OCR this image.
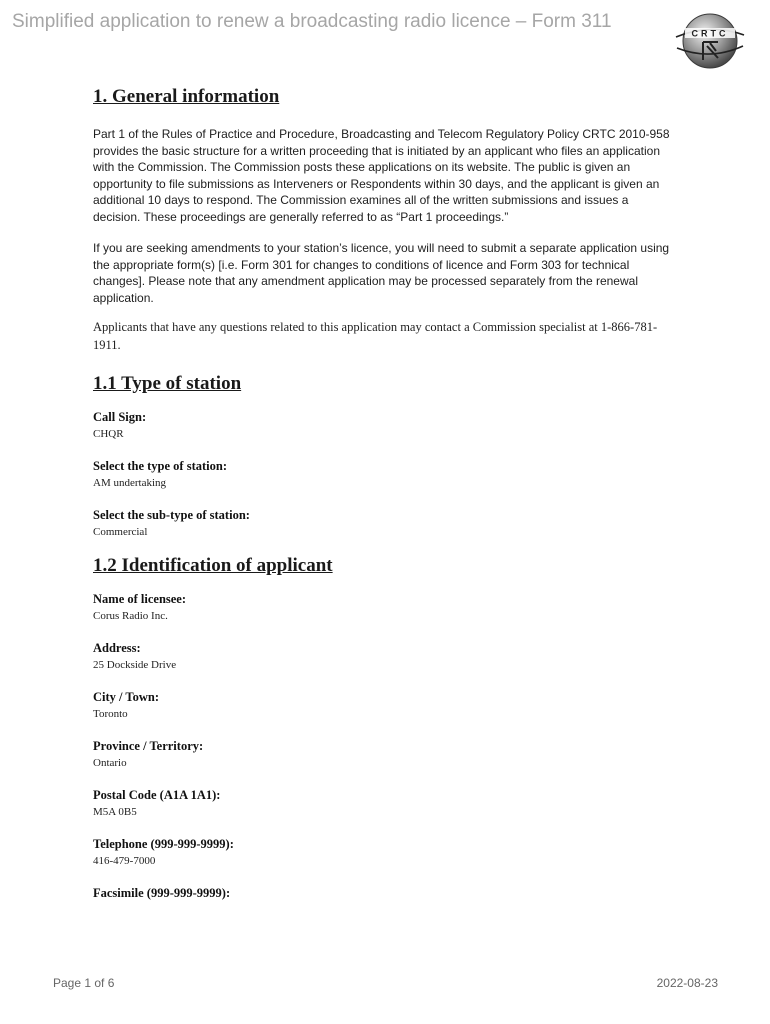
Simplified application to renew a broadcasting radio licence – Form 311
CRTC
1. General information

Part 1 of the Rules of Practice and Procedure, Broadcasting and Telecom Regulatory Policy CRTC 2010-958 provides the basic structure for a written proceeding that is initiated by an applicant who files an application with the Commission. The Commission posts these applications on its website. The public is given an opportunity to file submissions as Interveners or Respondents within 30 days, and the applicant is given an additional 10 days to respond. The Commission examines all of the written submissions and issues a decision. These proceedings are generally referred to as “Part 1 proceedings.”

If you are seeking amendments to your station’s licence, you will need to submit a separate application using the appropriate form(s) [i.e. Form 301 for changes to conditions of licence and Form 303 for technical changes]. Please note that any amendment application may be processed separately from the renewal application.

Applicants that have any questions related to this application may contact a Commission specialist at 1-866-781-1911.

1.1 Type of station

Call Sign:

CHQR

Select the type of station:

AM undertaking

Select the sub-type of station:

Commercial

1.2 Identification of applicant

Name of licensee:

Corus Radio Inc.

Address:

25 Dockside Drive

City / Town:

Toronto

Province / Territory:

Ontario

Postal Code (A1A 1A1):

M5A 0B5

Telephone (999-999-9999):

416-479-7000

Facsimile (999-999-9999):

Page 1 of 6	2022-08-23
